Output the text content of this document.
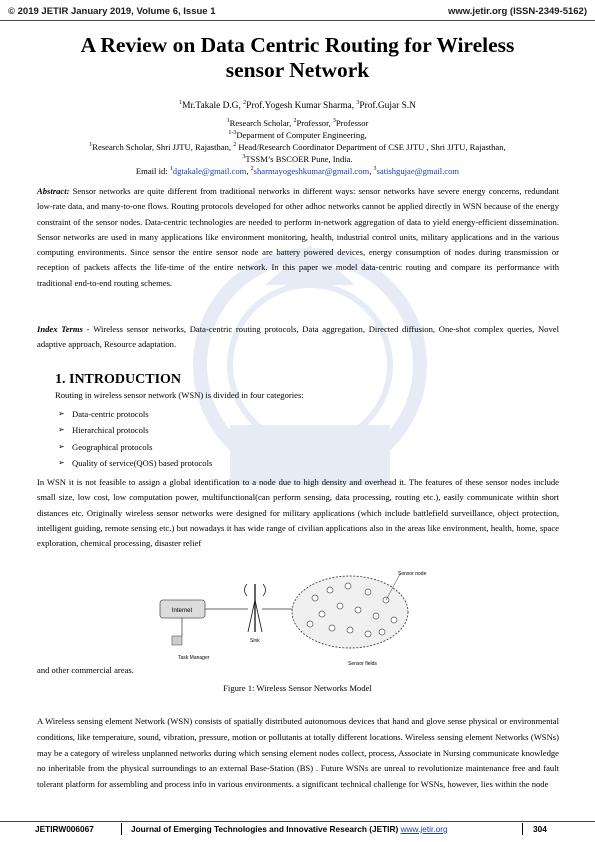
© 2019 JETIR January 2019, Volume 6, Issue 1	www.jetir.org (ISSN-2349-5162)
A Review on Data Centric Routing for Wireless
sensor Network
$^1$Mr.Takale D.G, $^2$Prof.Yogesh Kumar Sharma, $^3$Prof.Gujar S.N
$^1$Research Scholar, $^2$Professor, $^3$Professor
$^{1-3}$Deparment of Computer Engineering,
$^1$Research Scholar, Shri JJTU, Rajasthan, $^2$ Head/Research Coordinator Department of CSE JJTU , Shri JJTU, Rajasthan,
$^3$TSSM’s BSCOER Pune, India.
Email id: $^1$dgtakale@gmail.com, $^2$sharmayogeshkumar@gmail.com, $^3$satishgujae@gmail.com
Abstract: Sensor networks are quite different from traditional networks in different ways: sensor networks have severe energy concerns, redundant low-rate data, and many-to-one flows. Routing protocols developed for other adhoc networks cannot be applied directly in WSN because of the energy constraint of the sensor nodes. Data-centric technologies are needed to perform in-network aggregation of data to yield energy-efficient dissemination. Sensor networks are used in many applications like environment monitoring, health, industrial control units, military applications and in the various computing environments. Since sensor the entire sensor node are battery powered devices, energy consumption of nodes during transmission or reception of packets affects the life-time of the entire network. In this paper we model data-centric routing and compare its performance with traditional end-to-end routing schemes.
Index Terms - Wireless sensor networks, Data-centric routing protocols, Data aggregation, Directed diffusion, One-shot complex queries, Novel adaptive approach, Resource adaptation.
1. INTRODUCTION
Routing in wireless sensor network (WSN) is divided in four categories:
➢ Data-centric protocols
➢ Hierarchical protocols
➢ Geographical protocols
➢ Quality of service(QOS) based protocols
In WSN it is not feasible to assign a global identification to a node due to high density and overhead it. The features of these sensor nodes include small size, low cost, low computation power, multifunctional(can perform sensing, data processing, routing etc.), easily communicate within short distances etc. Originally wireless sensor networks were designed for military applications (which include battlefield surveillance, object protection, intelligent guiding, remote sensing etc.) but nowadays it has wide range of civilian applications also in the areas like environment, health, home, space exploration, chemical processing, disaster relief
Internet
Task Manager
Sink
Sensor node
Sensor fields
and other commercial areas.
Figure 1: Wireless Sensor Networks Model
A Wireless sensing element Network (WSN) consists of spatially distributed autonomous devices that hand and glove sense physical or environmental conditions, like temperature, sound, vibration, pressure, motion or pollutants at totally different locations. Wireless sensing element Networks (WSNs) may be a category of wireless unplanned networks during which sensing element nodes collect, process, Associate in Nursing communicate knowledge no inheritable from the physical surroundings to an external Base-Station (BS) . Future WSNs are unreal to revolutionize maintenance free and fault tolerant platform for assembling and process info in various environments. a significant technical challenge for WSNs, however, lies within the node
JETIRW006067	Journal of Emerging Technologies and Innovative Research (JETIR) www.jetir.org	304
